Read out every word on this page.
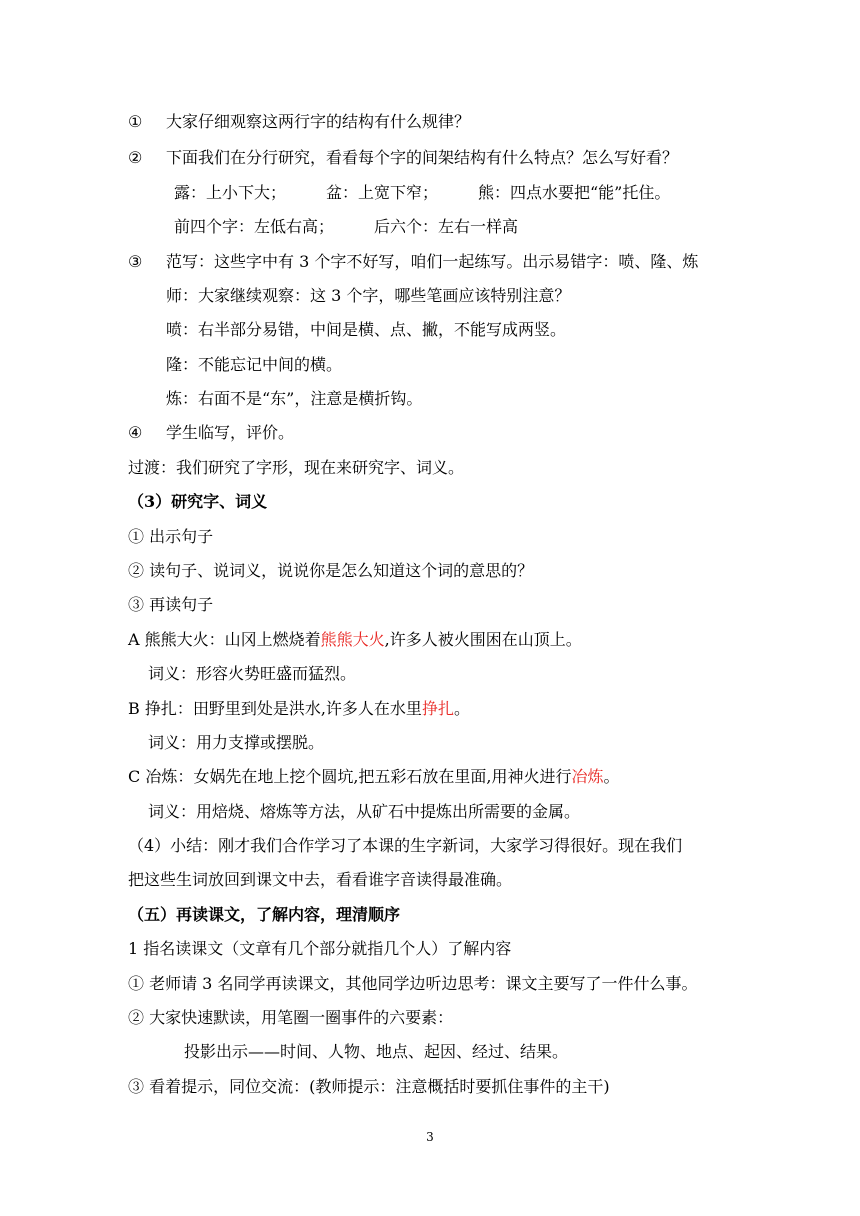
① 大家仔细观察这两行字的结构有什么规律？
② 下面我们在分行研究，看看每个字的间架结构有什么特点？怎么写好看？
露：上小下大；　　　盆：上宽下窄；　　　熊：四点水要把“能”托住。
前四个字：左低右高；　　　后六个：左右一样高
③ 范写：这些字中有 3 个字不好写，咱们一起练写。出示易错字：喷、隆、炼
师：大家继续观察：这 3 个字，哪些笔画应该特别注意？
喷：右半部分易错，中间是横、点、撇，不能写成两竖。
隆：不能忘记中间的横。
炼：右面不是“东”，注意是横折钩。
④ 学生临写，评价。
过渡：我们研究了字形，现在来研究字、词义。
（3）研究字、词义
① 出示句子
② 读句子、说词义，说说你是怎么知道这个词的意思的？
③ 再读句子
A 熊熊大火：山冈上燃烧着熊熊大火,许多人被火围困在山顶上。
词义：形容火势旺盛而猛烈。
B 挣扎：田野里到处是洪水,许多人在水里挣扎。
词义：用力支撑或摆脱。
C 冶炼：女娲先在地上挖个圆坑,把五彩石放在里面,用神火进行冶炼。
词义：用焙烧、熔炼等方法，从矿石中提炼出所需要的金属。
（4）小结：刚才我们合作学习了本课的生字新词，大家学习得很好。现在我们
把这些生词放回到课文中去，看看谁字音读得最准确。
（五）再读课文，了解内容，理清顺序
1 指名读课文（文章有几个部分就指几个人）了解内容
① 老师请 3 名同学再读课文，其他同学边听边思考：课文主要写了一件什么事。
② 大家快速默读，用笔圈一圈事件的六要素：
投影出示——时间、人物、地点、起因、经过、结果。
③ 看着提示，同位交流：(教师提示：注意概括时要抓住事件的主干)
3
